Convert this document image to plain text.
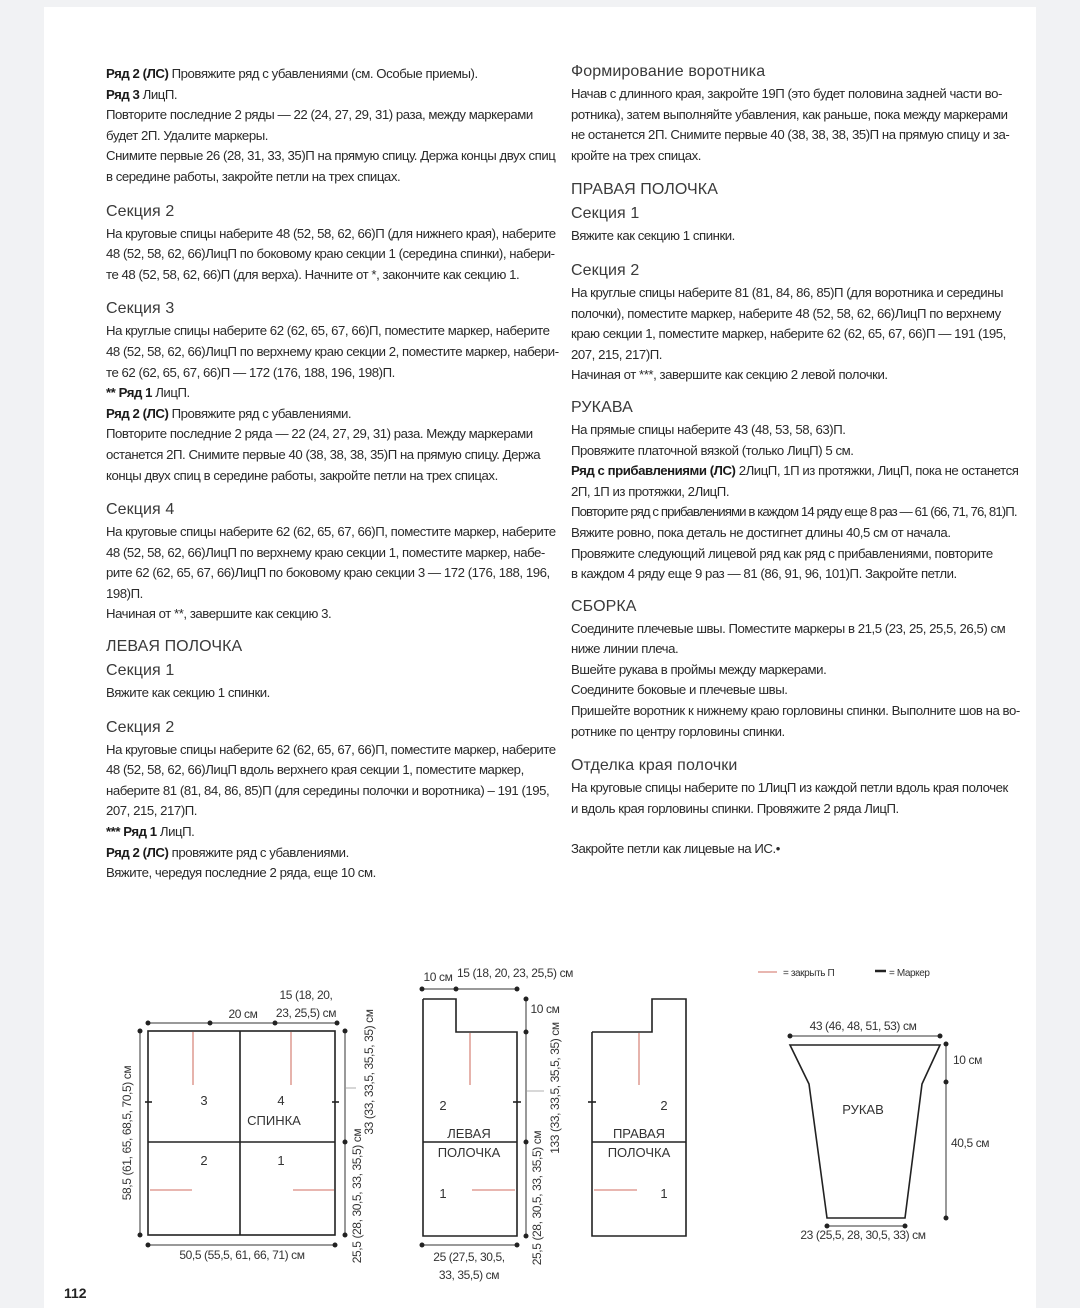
Ряд 2 (ЛС) Провяжите ряд с убавлениями (см. Особые приемы).

Ряд 3 ЛицП.

Повторите последние 2 ряды — 22 (24, 27, 29, 31) раза, между маркерами

будет 2П. Удалите маркеры.

Снимите первые 26 (28, 31, 33, 35)П на прямую спицу. Держа концы двух спиц

в середине работы, закройте петли на трех спицах.

Секция 2

На круговые спицы наберите 48 (52, 58, 62, 66)П (для нижнего края), наберите

48 (52, 58, 62, 66)ЛицП по боковому краю секции 1 (середина спинки), набери-

те 48 (52, 58, 62, 66)П (для верха). Начните от *, закончите как секцию 1.

Секция 3

На круглые спицы наберите 62 (62, 65, 67, 66)П, поместите маркер, наберите

48 (52, 58, 62, 66)ЛицП по верхнему краю секции 2, поместите маркер, набери-

те 62 (62, 65, 67, 66)П — 172 (176, 188, 196, 198)П.

** Ряд 1 ЛицП.

Ряд 2 (ЛС) Провяжите ряд с убавлениями.

Повторите последние 2 ряда — 22 (24, 27, 29, 31) раза. Между маркерами

останется 2П. Снимите первые 40 (38, 38, 38, 35)П на прямую спицу. Держа

концы двух спиц в середине работы, закройте петли на трех спицах.

Секция 4

На круговые спицы наберите 62 (62, 65, 67, 66)П, поместите маркер, наберите

48 (52, 58, 62, 66)ЛицП по верхнему краю секции 1, поместите маркер, набе-

рите 62 (62, 65, 67, 66)ЛицП по боковому краю секции 3 — 172 (176, 188, 196,

198)П.

Начиная от **, завершите как секцию 3.

ЛЕВАЯ ПОЛОЧКА
Секция 1

Вяжите как секцию 1 спинки.

Секция 2

На круговые спицы наберите 62 (62, 65, 67, 66)П, поместите маркер, наберите

48 (52, 58, 62, 66)ЛицП вдоль верхнего края секции 1, поместите маркер,

наберите 81 (81, 84, 86, 85)П (для середины полочки и воротника) – 191 (195,

207, 215, 217)П.

*** Ряд 1 ЛицП.

Ряд 2 (ЛС) провяжите ряд с убавлениями.

Вяжите, чередуя последние 2 ряда, еще 10 см.

Формирование воротника

Начав с длинного края, закройте 19П (это будет половина задней части во-

ротника), затем выполняйте убавления, как раньше, пока между маркерами

не останется 2П. Снимите первые 40 (38, 38, 38, 35)П на прямую спицу и за-

кройте на трех спицах.

ПРАВАЯ ПОЛОЧКА
Секция 1

Вяжите как секцию 1 спинки.

Секция 2

На круглые спицы наберите 81 (81, 84, 86, 85)П (для воротника и середины

полочки), поместите маркер, наберите 48 (52, 58, 62, 66)ЛицП по верхнему

краю секции 1, поместите маркер, наберите 62 (62, 65, 67, 66)П — 191 (195,

207, 215, 217)П.

Начиная от ***, завершите как секцию 2 левой полочки.

РУКАВА

На прямые спицы наберите 43 (48, 53, 58, 63)П.

Провяжите платочной вязкой (только ЛицП) 5 см.

Ряд с прибавлениями (ЛС) 2ЛицП, 1П из протяжки, ЛицП, пока не останется

2П, 1П из протяжки, 2ЛицП.

Повторите ряд с прибавлениями в каждом 14 ряду еще 8 раз — 61 (66, 71, 76, 81)П.

Вяжите ровно, пока деталь не достигнет длины 40,5 см от начала.

Провяжите следующий лицевой ряд как ряд с прибавлениями, повторите

в каждом 4 ряду еще 9 раз — 81 (86, 91, 96, 101)П. Закройте петли.

СБОРКА

Соедините плечевые швы. Поместите маркеры в 21,5 (23, 25, 25,5, 26,5) см

ниже линии плеча.

Вшейте рукава в проймы между маркерами.

Соедините боковые и плечевые швы.

Пришейте воротник к нижнему краю горловины спинки. Выполните шов на во-

ротнике по центру горловины спинки.

Отделка края полочки

На круговые спицы наберите по 1ЛицП из каждой петли вдоль края полочек

и вдоль края горловины спинки. Провяжите 2 ряда ЛицП.

Закройте петли как лицевые на ИС.•

= закрыть П	= Маркер
3	4
СПИНКА
2	1
20 см
15 (18, 20,
23, 25,5) см
58,5 (61, 65, 68,5, 70,5) см	33 (33, 33,5, 35,5, 35) см
25,5 (28, 30,5, 33, 35,5) см
50,5 (55,5, 61, 66, 71) см
2
ЛЕВАЯ
ПОЛОЧКА
1
10 см 15 (18, 20, 23, 25,5) см
10 см
133 (33, 33,5, 35,5, 35) см
25,5 (28, 30,5, 33, 35,5) см
25 (27,5, 30,5,
33, 35,5) см
2
ПРАВАЯ
ПОЛОЧКА
1
43 (46, 48, 51, 53) см
РУКАВ
10 см
40,5 см
23 (25,5, 28, 30,5, 33) см
112
